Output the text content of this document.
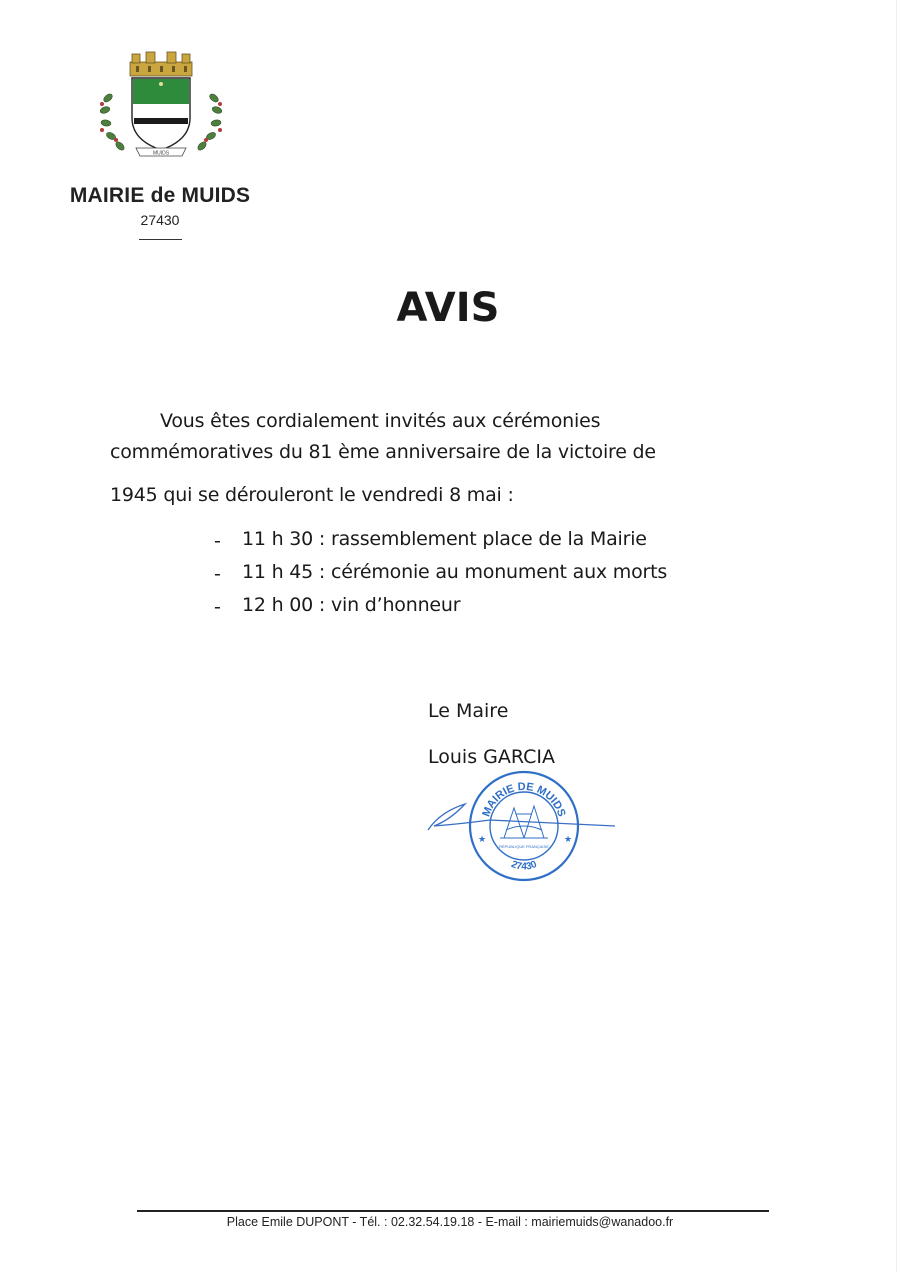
MUIDS
MAIRIE de MUIDS
27430
AVIS
Vous êtes cordialement invités aux cérémonies
commémoratives du 81 ème anniversaire de la victoire de
1945 qui se dérouleront le vendredi 8 mai :
- 11 h 30 : rassemblement place de la Mairie
- 11 h 45 : cérémonie au monument aux morts
- 12 h 00 : vin d’honneur
Le Maire
Louis GARCIA
MAIRIE DE MUIDS
27430
★	★
RÉPUBLIQUE FRANÇAISE
Place Emile DUPONT - Tél. : 02.32.54.19.18 - E-mail : mairiemuids@wanadoo.fr
